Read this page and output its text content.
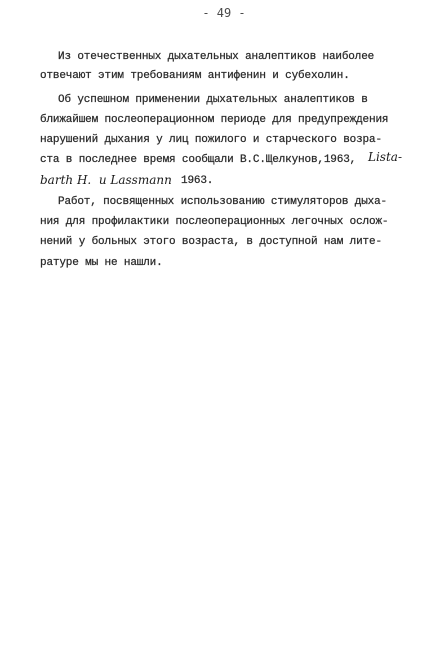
- 49 -
Из отечественных дыхательных аналептиков наиболее
отвечают этим требованиям антифенин и субехолин.
Об успешном применении дыхательных аналептиков в
ближайшем послеоперационном периоде для предупреждения
нарушений дыхания у лиц пожилого и старческого возра-
ста в последнее время сообщали В.С.Щелкунов,1963, Lista-
barth H.  и Lassmann 1963.
Работ, посвященных использованию стимуляторов дыха-
ния для профилактики послеоперационных легочных ослож-
нений у больных этого возраста, в доступной нам лите-
ратуре мы не нашли.
